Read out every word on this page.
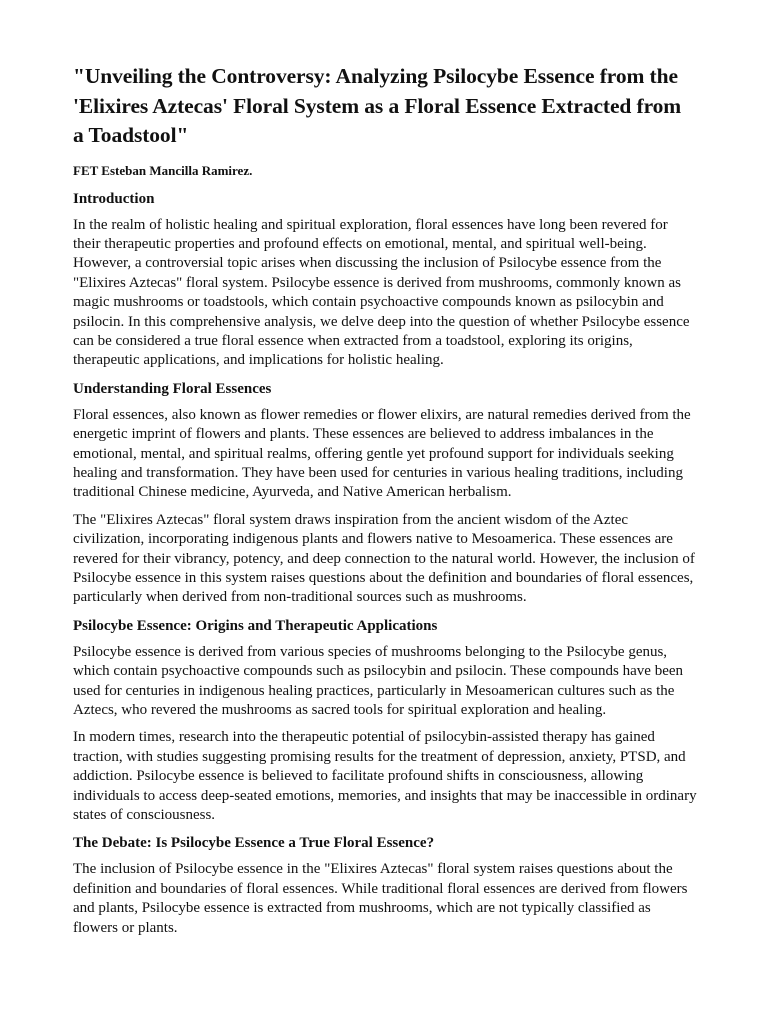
"Unveiling the Controversy: Analyzing Psilocybe Essence from the 'Elixires Aztecas' Floral System as a Floral Essence Extracted from a Toadstool"

FET Esteban Mancilla Ramirez.

Introduction

In the realm of holistic healing and spiritual exploration, floral essences have long been revered for their therapeutic properties and profound effects on emotional, mental, and spiritual well-being. However, a controversial topic arises when discussing the inclusion of Psilocybe essence from the "Elixires Aztecas" floral system. Psilocybe essence is derived from mushrooms, commonly known as magic mushrooms or toadstools, which contain psychoactive compounds known as psilocybin and psilocin. In this comprehensive analysis, we delve deep into the question of whether Psilocybe essence can be considered a true floral essence when extracted from a toadstool, exploring its origins, therapeutic applications, and implications for holistic healing.

Understanding Floral Essences

Floral essences, also known as flower remedies or flower elixirs, are natural remedies derived from the energetic imprint of flowers and plants. These essences are believed to address imbalances in the emotional, mental, and spiritual realms, offering gentle yet profound support for individuals seeking healing and transformation. They have been used for centuries in various healing traditions, including traditional Chinese medicine, Ayurveda, and Native American herbalism.

The "Elixires Aztecas" floral system draws inspiration from the ancient wisdom of the Aztec civilization, incorporating indigenous plants and flowers native to Mesoamerica. These essences are revered for their vibrancy, potency, and deep connection to the natural world. However, the inclusion of Psilocybe essence in this system raises questions about the definition and boundaries of floral essences, particularly when derived from non-traditional sources such as mushrooms.

Psilocybe Essence: Origins and Therapeutic Applications

Psilocybe essence is derived from various species of mushrooms belonging to the Psilocybe genus, which contain psychoactive compounds such as psilocybin and psilocin. These compounds have been used for centuries in indigenous healing practices, particularly in Mesoamerican cultures such as the Aztecs, who revered the mushrooms as sacred tools for spiritual exploration and healing.

In modern times, research into the therapeutic potential of psilocybin-assisted therapy has gained traction, with studies suggesting promising results for the treatment of depression, anxiety, PTSD, and addiction. Psilocybe essence is believed to facilitate profound shifts in consciousness, allowing individuals to access deep-seated emotions, memories, and insights that may be inaccessible in ordinary states of consciousness.

The Debate: Is Psilocybe Essence a True Floral Essence?

The inclusion of Psilocybe essence in the "Elixires Aztecas" floral system raises questions about the definition and boundaries of floral essences. While traditional floral essences are derived from flowers and plants, Psilocybe essence is extracted from mushrooms, which are not typically classified as flowers or plants.
